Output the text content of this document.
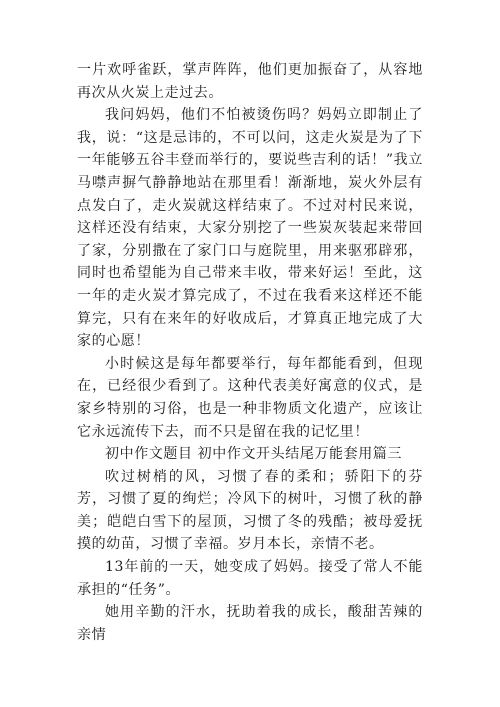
一片欢呼雀跃，掌声阵阵，他们更加振奋了，从容地再次从火炭上走过去。

我问妈妈，他们不怕被烫伤吗？妈妈立即制止了我，说：“这是忌讳的，不可以问，这走火炭是为了下一年能够五谷丰登而举行的，要说些吉利的话！”我立马噤声摒气静静地站在那里看！渐渐地，炭火外层有点发白了，走火炭就这样结束了。不过对村民来说，这样还没有结束，大家分别挖了一些炭灰装起来带回了家，分别撒在了家门口与庭院里，用来驱邪辟邪，同时也希望能为自己带来丰收，带来好运！至此，这一年的走火炭才算完成了，不过在我看来这样还不能算完，只有在来年的好收成后，才算真正地完成了大家的心愿！

小时候这是每年都要举行，每年都能看到，但现在，已经很少看到了。这种代表美好寓意的仪式，是家乡特别的习俗，也是一种非物质文化遗产，应该让它永远流传下去，而不只是留在我的记忆里！

初中作文题目 初中作文开头结尾万能套用篇三

吹过树梢的风，习惯了春的柔和；骄阳下的芬芳，习惯了夏的绚烂；冷风下的树叶，习惯了秋的静美；皑皑白雪下的屋顶，习惯了冬的残酷；被母爱抚摸的幼苗，习惯了幸福。岁月本长，亲情不老。

13年前的一天，她变成了妈妈。接受了常人不能承担的“任务”。

她用辛勤的汗水，抚助着我的成长，酸甜苦辣的亲情
